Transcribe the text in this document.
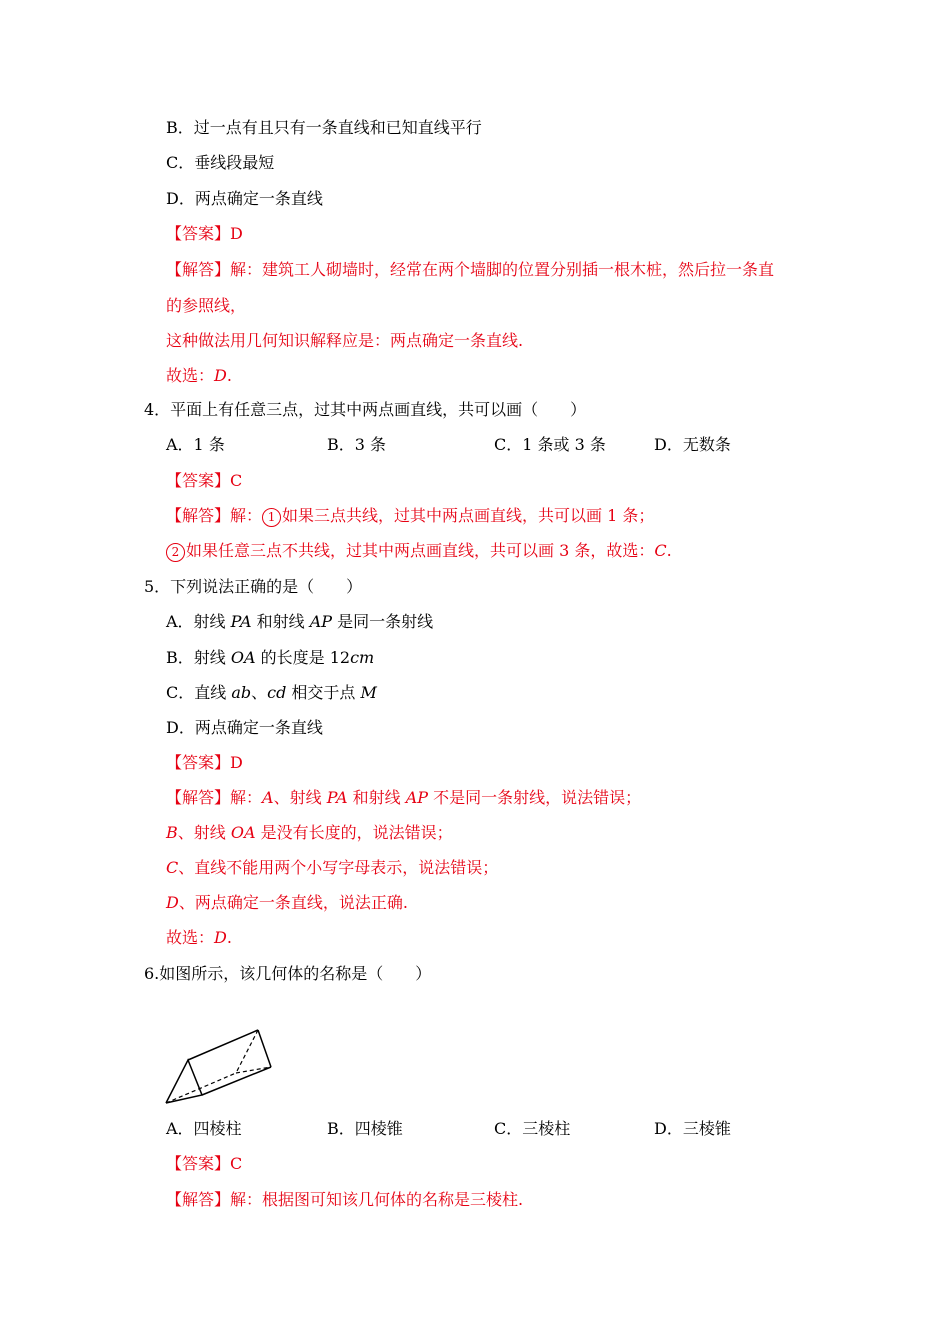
B．过一点有且只有一条直线和已知直线平行
C．垂线段最短
D．两点确定一条直线
【答案】D
【解答】解：建筑工人砌墙时，经常在两个墙脚的位置分别插一根木桩，然后拉一条直
的参照线，
这种做法用几何知识解释应是：两点确定一条直线.
故选：D.
4．平面上有任意三点，过其中两点画直线，共可以画（　　）
A．1 条	B．3 条	C．1 条或 3 条	D．无数条
【答案】C
【解答】解： 1 如果三点共线，过其中两点画直线，共可以画 1 条；
2 如果任意三点不共线，过其中两点画直线，共可以画 3 条，故选：C.
5．下列说法正确的是（　　）
A．射线 PA 和射线 AP 是同一条射线
B．射线 OA 的长度是 12cm
C．直线 ab、cd 相交于点 M
D．两点确定一条直线
【答案】D
【解答】解：A、射线 PA 和射线 AP 不是同一条射线，说法错误；
B、射线 OA 是没有长度的，说法错误；
C、直线不能用两个小写字母表示，说法错误；
D、两点确定一条直线，说法正确.
故选：D.
6.如图所示，该几何体的名称是（　　）
A．四棱柱	B．四棱锥	C．三棱柱	D．三棱锥
【答案】C
【解答】解：根据图可知该几何体的名称是三棱柱.
